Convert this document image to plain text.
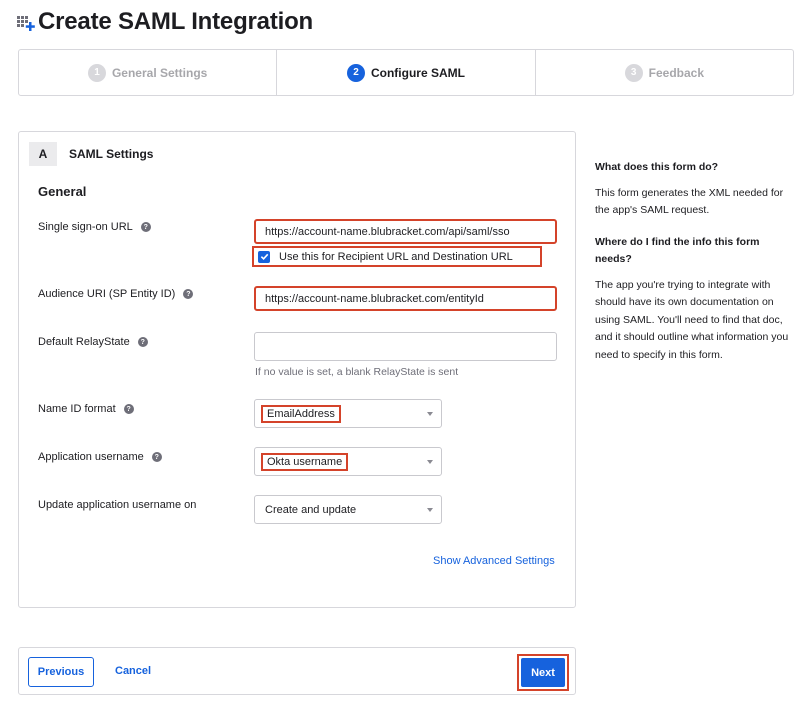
Create SAML Integration
1	General Settings	2	Configure SAML	3	Feedback
A	SAML Settings
General
Single sign-on URL	?	https://account-name.blubracket.com/api/saml/sso
Use this for Recipient URL and Destination URL
Audience URI (SP Entity ID)	?	https://account-name.blubracket.com/entityId
Default RelayState	?
If no value is set, a blank RelayState is sent
Name ID format	?	EmailAddress
Application username	?	Okta username
Update application username on	Create and update
Show Advanced Settings
What does this form do?

This form generates the XML needed for the app's SAML request.

Where do I find the info this form needs?

The app you're trying to integrate with should have its own documentation on using SAML. You'll need to find that doc, and it should outline what information you need to specify in this form.

Previous	Cancel	Next
